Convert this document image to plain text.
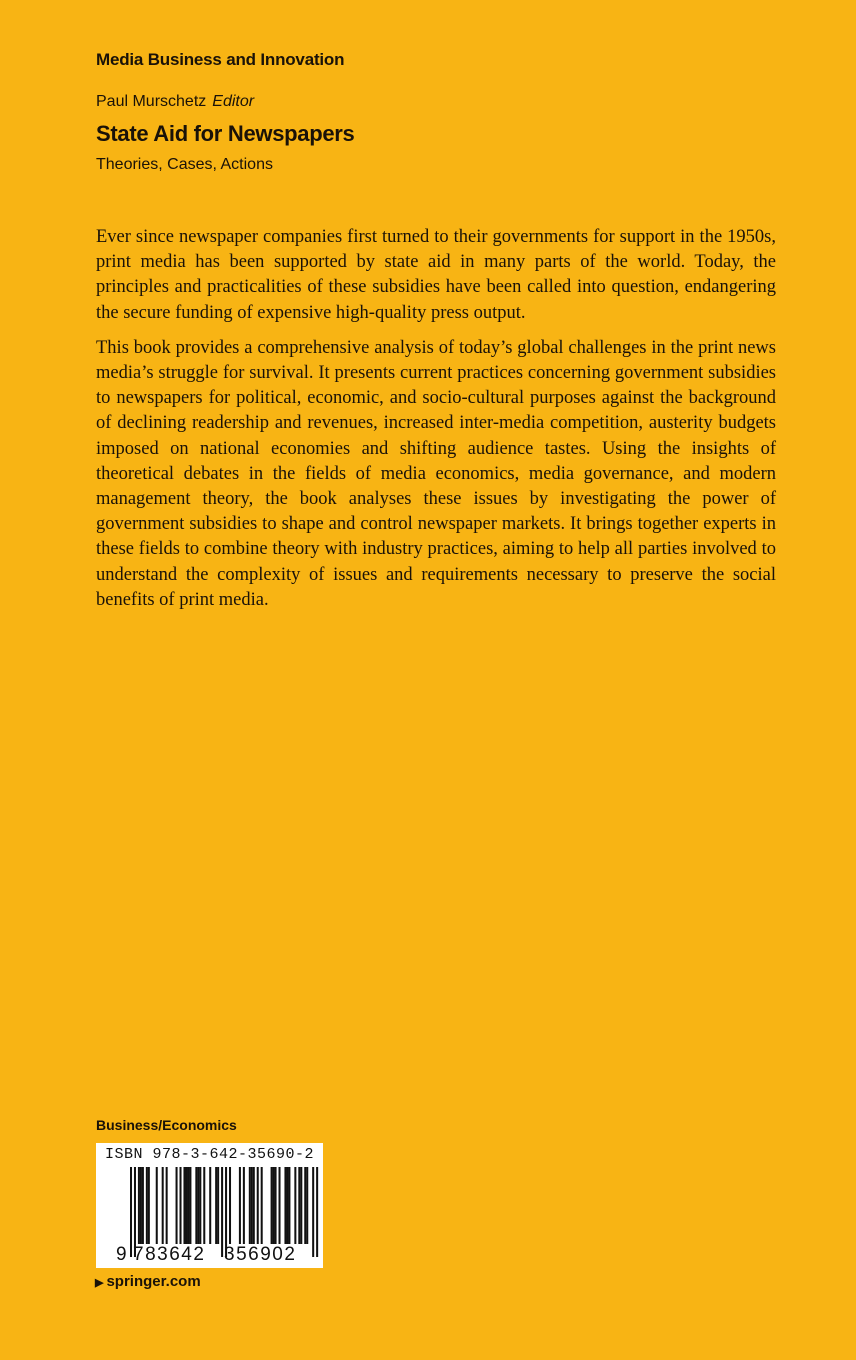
Media Business and Innovation
Paul Murschetz Editor
State Aid for Newspapers
Theories, Cases, Actions

Ever since newspaper companies first turned to their governments for support in the 1950s, print media has been supported by state aid in many parts of the world. Today, the principles and practicalities of these subsidies have been called into question, endangering the secure funding of expensive high-quality press output.

This book provides a comprehensive analysis of today’s global challenges in the print news media’s struggle for survival. It presents current practices concerning government subsidies to newspapers for political, economic, and socio-cultural purposes against the background of declining readership and revenues, increased inter-media competition, austerity budgets imposed on national economies and shifting audience tastes. Using the insights of theoretical debates in the fields of media economics, media governance, and modern management theory, the book analyses these issues by investigating the power of government subsidies to shape and control newspaper markets. It brings together experts in these fields to combine theory with industry practices, aiming to help all parties involved to understand the complexity of issues and requirements necessary to preserve the social benefits of print media.

Business/Economics
ISBN 978-3-642-35690-2
9 783642 356902
▶ springer.com
